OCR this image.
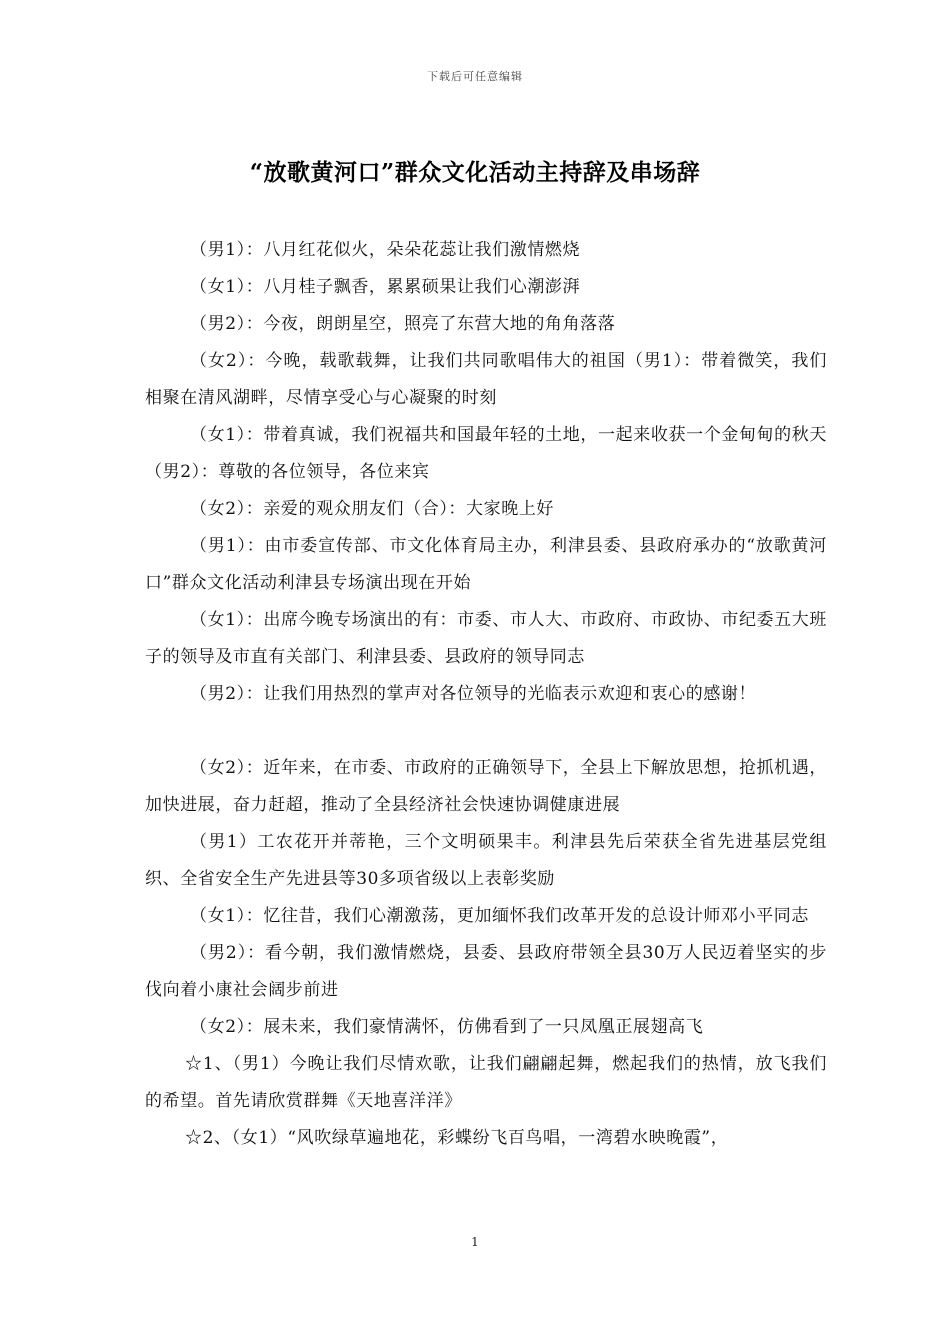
下载后可任意编辑
“放歌黄河口”群众文化活动主持辞及串场辞

（男1）：八月红花似火，朵朵花蕊让我们激情燃烧

（女1）：八月桂子飘香，累累硕果让我们心潮澎湃

（男2）：今夜，朗朗星空，照亮了东营大地的角角落落

（女2）：今晚，载歌载舞，让我们共同歌唱伟大的祖国（男1）：带着微笑，我们相聚在清风湖畔，尽情享受心与心凝聚的时刻

（女1）：带着真诚，我们祝福共和国最年轻的土地，一起来收获一个金甸甸的秋天（男2）：尊敬的各位领导，各位来宾

（女2）：亲爱的观众朋友们（合）：大家晚上好

（男1）：由市委宣传部、市文化体育局主办，利津县委、县政府承办的“放歌黄河口”群众文化活动利津县专场演出现在开始

（女1）：出席今晚专场演出的有：市委、市人大、市政府、市政协、市纪委五大班子的领导及市直有关部门、利津县委、县政府的领导同志

（男2）：让我们用热烈的掌声对各位领导的光临表示欢迎和衷心的感谢！

（女2）：近年来，在市委、市政府的正确领导下，全县上下解放思想，抢抓机遇，加快进展，奋力赶超，推动了全县经济社会快速协调健康进展

（男1）工农花开并蒂艳，三个文明硕果丰。利津县先后荣获全省先进基层党组织、全省安全生产先进县等30多项省级以上表彰奖励

（女1）：忆往昔，我们心潮激荡，更加缅怀我们改革开发的总设计师邓小平同志

（男2）：看今朝，我们激情燃烧，县委、县政府带领全县30万人民迈着坚实的步伐向着小康社会阔步前进

（女2）：展未来，我们豪情满怀，仿佛看到了一只凤凰正展翅高飞

☆1、（男1）今晚让我们尽情欢歌，让我们翩翩起舞，燃起我们的热情，放飞我们的希望。首先请欣赏群舞《天地喜洋洋》

☆2、（女1）“风吹绿草遍地花，彩蝶纷飞百鸟唱，一湾碧水映晚霞”，

1
